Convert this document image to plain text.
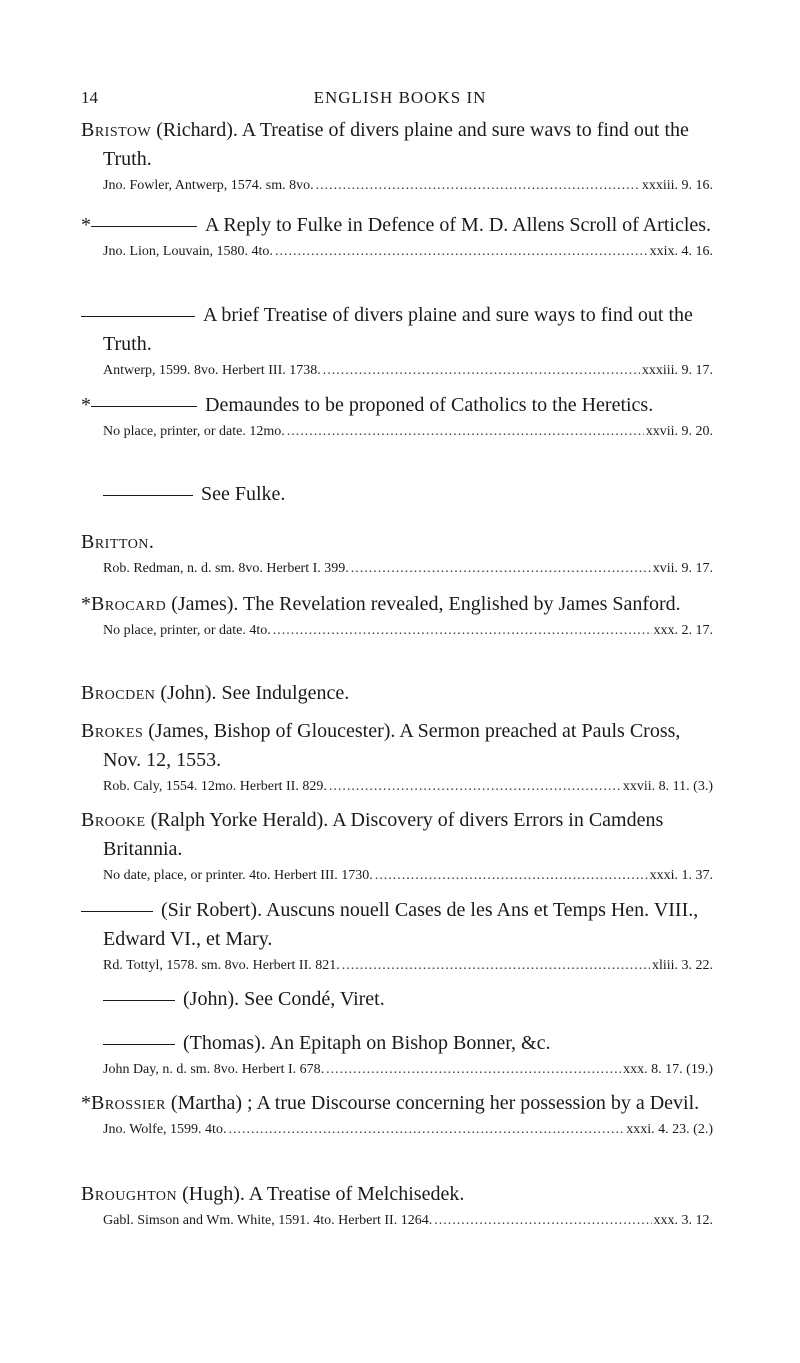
14	ENGLISH BOOKS IN
Bristow (Richard). A Treatise of divers plaine and sure wavs to find out the Truth.
Jno. Fowler, Antwerp, 1574. sm. 8vo. .....	xxxiii. 9. 16.
*	A Reply to Fulke in Defence of M. D. Allens Scroll of Articles.
Jno. Lion, Louvain, 1580. 4to. .....	xxix. 4. 16.
A brief Treatise of divers plaine and sure ways to find out the Truth.
Antwerp, 1599. 8vo. Herbert III. 1738. .....	xxxiii. 9. 17.
*	Demaundes to be proponed of Catholics to the Heretics.
No place, printer, or date. 12mo. .....	xxvii. 9. 20.
See Fulke.
Britton.
Rob. Redman, n. d. sm. 8vo. Herbert I. 399. .....	xvii. 9. 17.
*Brocard (James). The Revelation revealed, Englished by James Sanford.
No place, printer, or date. 4to. .....	xxx. 2. 17.
Brocden (John). See Indulgence.
Brokes (James, Bishop of Gloucester). A Sermon preached at Pauls Cross, Nov. 12, 1553.
Rob. Caly, 1554. 12mo. Herbert II. 829. .....	xxvii. 8. 11. (3.)
Brooke (Ralph Yorke Herald). A Discovery of divers Errors in Camdens Britannia.
No date, place, or printer. 4to. Herbert III. 1730. .....	xxxi. 1. 37.
(Sir Robert). Auscuns nouell Cases de les Ans et Temps Hen. VIII., Edward VI., et Mary.
Rd. Tottyl, 1578. sm. 8vo. Herbert II. 821. .....	xliii. 3. 22.
(John). See Condé, Viret.
(Thomas). An Epitaph on Bishop Bonner, &c.
John Day, n. d. sm. 8vo. Herbert I. 678. .....	xxx. 8. 17. (19.)
*Brossier (Martha) ; A true Discourse concerning her possession by a Devil.
Jno. Wolfe, 1599. 4to. .....	xxxi. 4. 23. (2.)
Broughton (Hugh). A Treatise of Melchisedek.
Gabl. Simson and Wm. White, 1591. 4to. Herbert II. 1264. .....	xxx. 3. 12.
